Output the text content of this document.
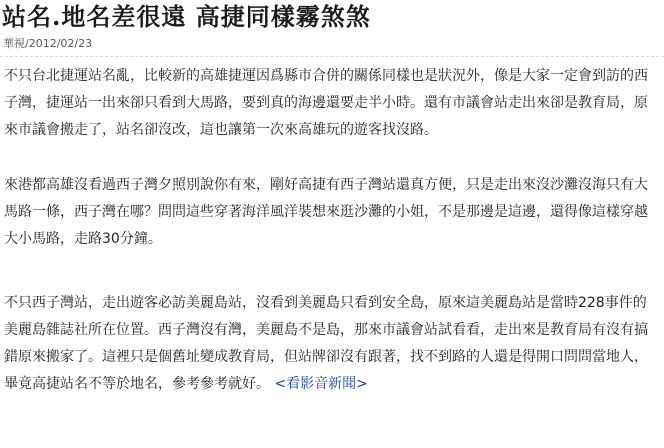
站名.地名差很遠 高捷同樣霧煞煞
華視/2012/02/23

不只台北捷運站名亂，比較新的高雄捷運因爲縣市合併的關係同樣也是狀況外，像是大家一定會到訪的西子灣，捷運站一出來卻只看到大馬路，要到真的海邊還要走半小時。還有市議會站走出來卻是教育局，原來市議會搬走了，站名卻沒改，這也讓第一次來高雄玩的遊客找沒路。

來港都高雄沒看過西子灣夕照別說你有來，剛好高捷有西子灣站還真方便，只是走出來沒沙灘沒海只有大馬路一條，西子灣在哪？問問這些穿著海洋風洋裝想來逛沙灘的小姐，不是那邊是這邊，還得像這樣穿越大小馬路，走路30分鐘。

不只西子灣站，走出遊客必訪美麗島站，沒看到美麗島只看到安全島，原來這美麗島站是當時228事件的美麗島雜誌社所在位置。西子灣沒有灣，美麗島不是島，那來市議會站試看看，走出來是教育局有沒有搞錯原來搬家了。這裡只是個舊址變成教育局，但站牌卻沒有跟著，找不到路的人還是得開口問問當地人，畢竟高捷站名不等於地名，參考參考就好。 <看影音新聞>
